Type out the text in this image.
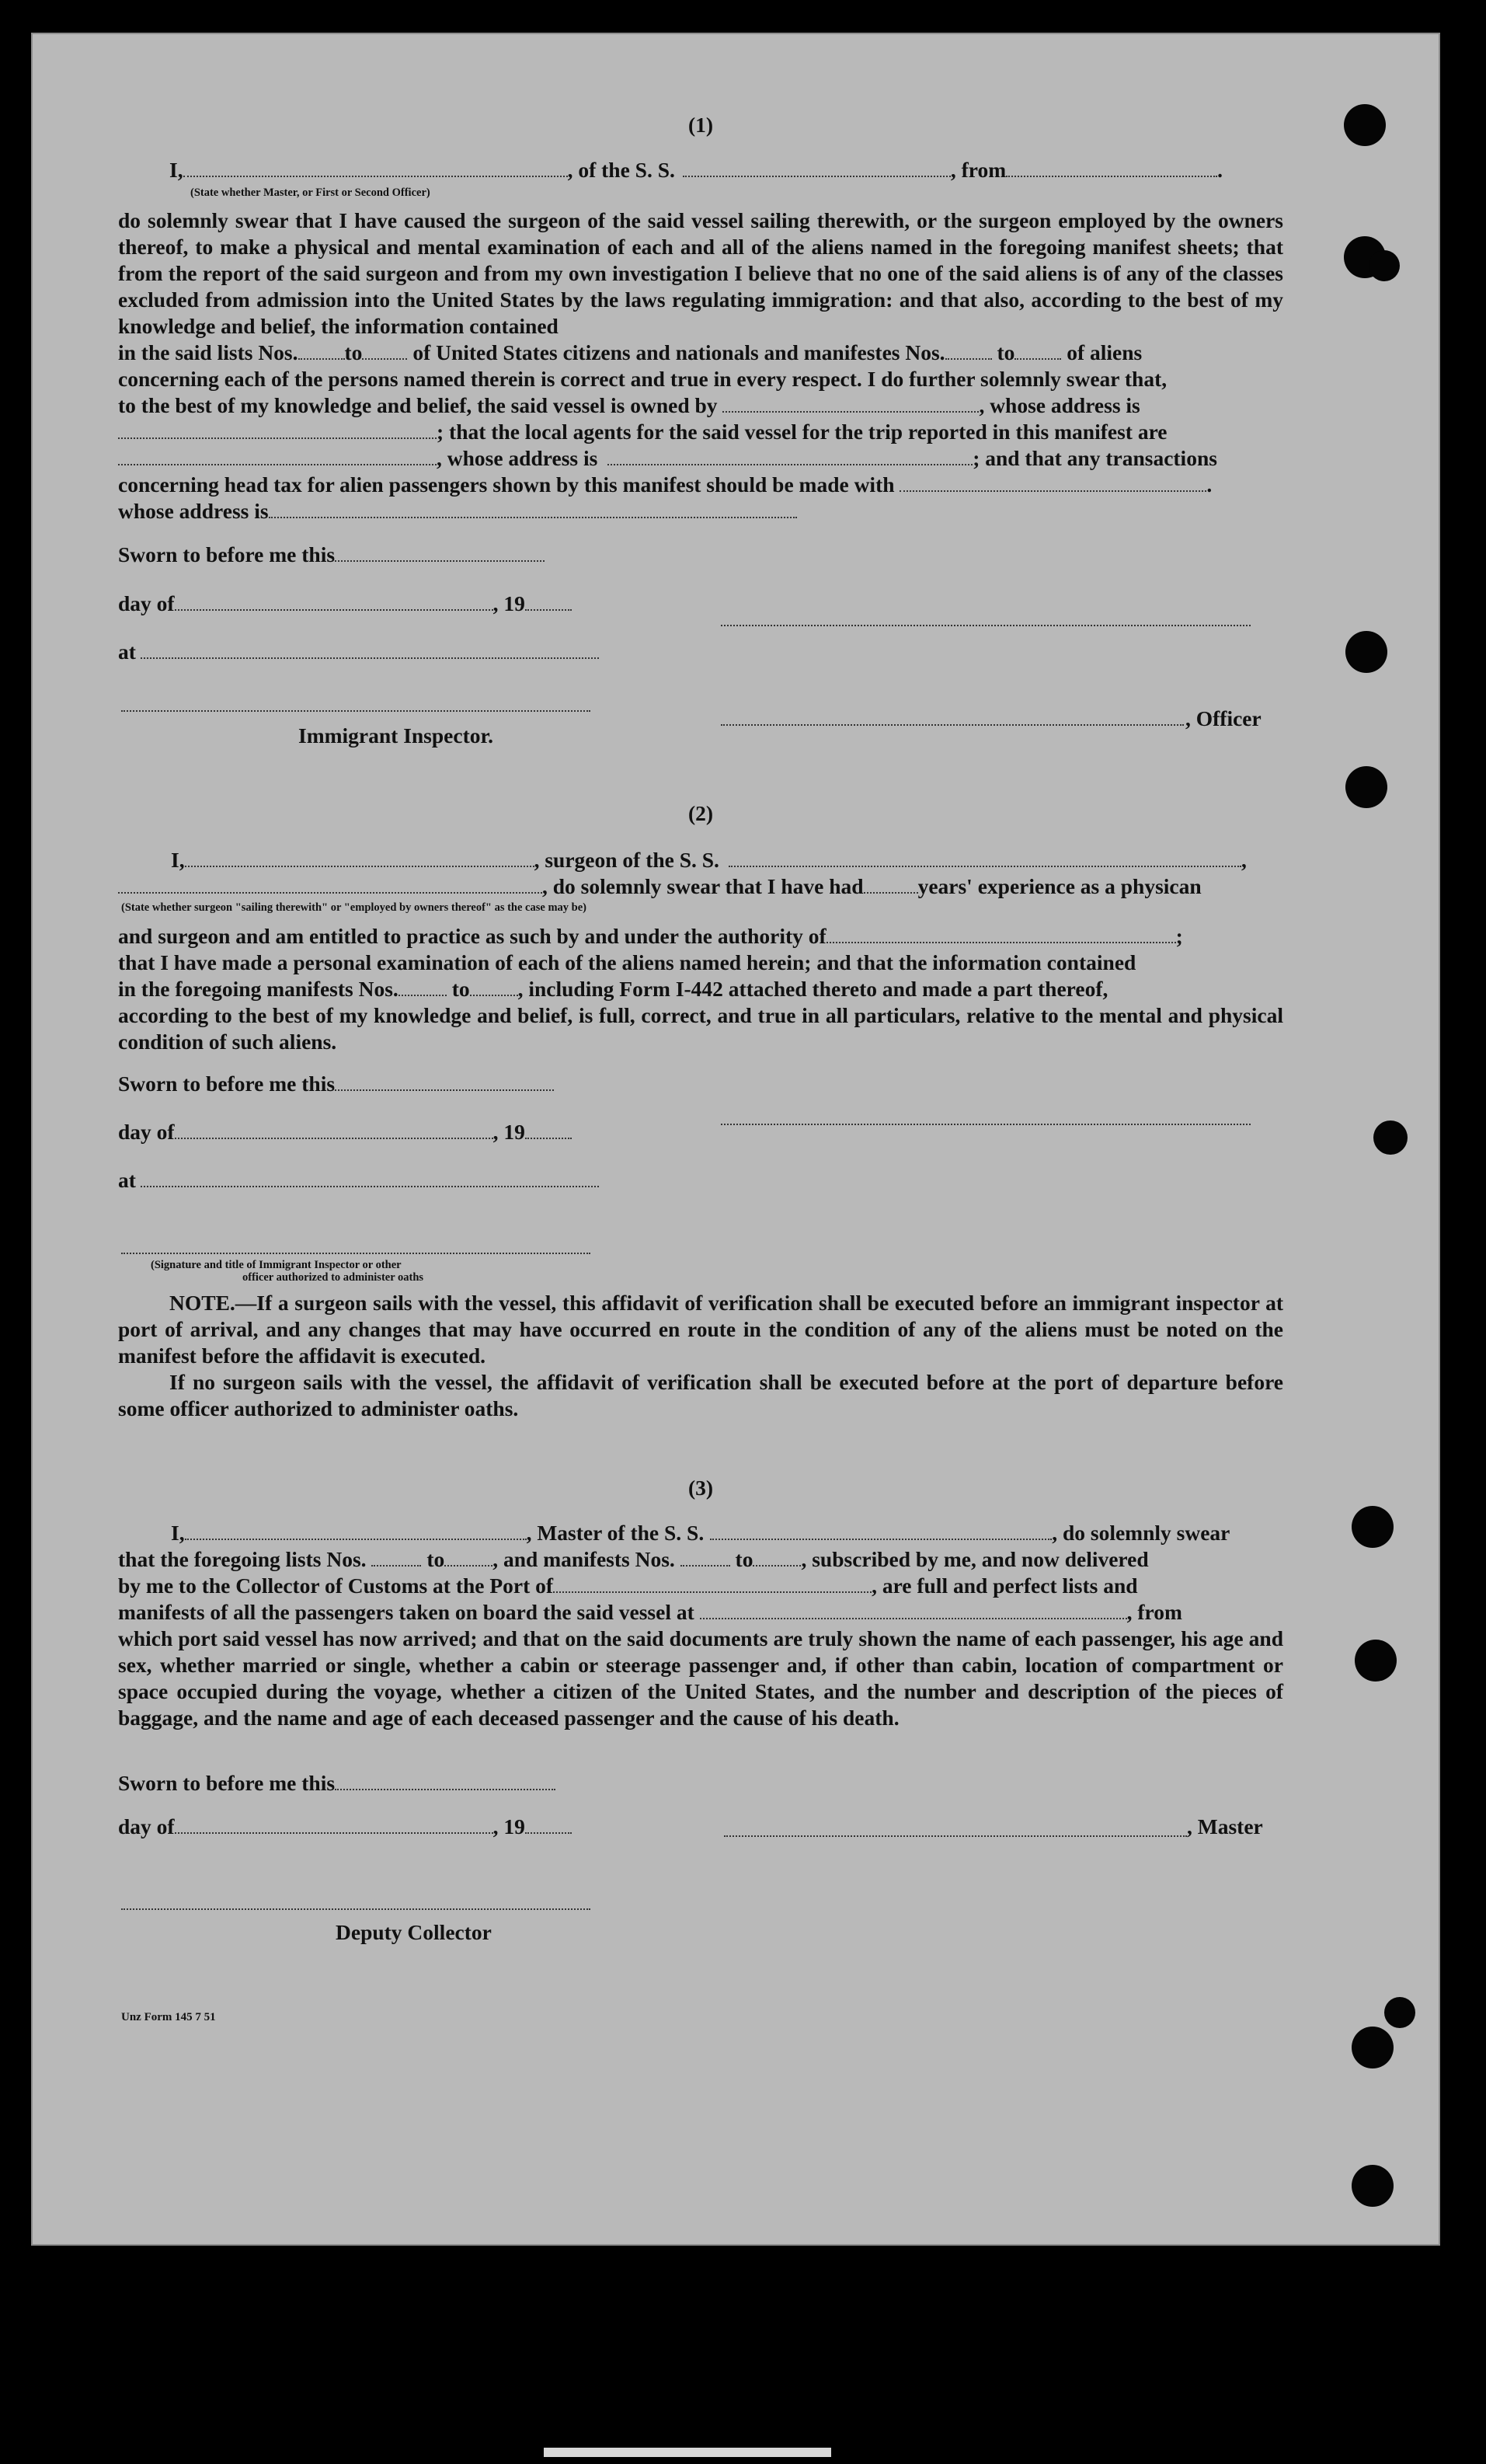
(1)
I,	, of the S. S.	, from	.
(State whether Master, or First or Second Officer)

do solemnly swear that I have caused the surgeon of the said vessel sailing therewith, or the surgeon employed by the owners thereof, to make a physical and mental examination of each and all of the aliens named in the foregoing manifest sheets; that from the report of the said surgeon and from my own investigation I believe that no one of the said aliens is of any of the classes excluded from admission into the United States by the laws regulating immigration: and that also, according to the best of my knowledge and belief, the information contained

in the said lists Nos. to of United States citizens and nationals and manifestes Nos. to of aliens

concerning each of the persons named therein is correct and true in every respect. I do further solemnly swear that,

to the best of my knowledge and belief, the said vessel is owned by	, whose address is

; that the local agents for the said vessel for the trip reported in this manifest are

, whose address is	; and that any transactions

concerning head tax for alien passengers shown by this manifest should be made with	.

whose address is

Sworn to before me this
day of	, 19
at
Immigrant Inspector.
, Officer
(2)
I,	, surgeon of the S. S.	,
, do solemnly swear that I have had	years' experience as a physican
(State whether surgeon "sailing therewith" or "employed by owners thereof" as the case may be)

and surgeon and am entitled to practice as such by and under the authority of	;

that I have made a personal examination of each of the aliens named herein; and that the information contained

in the foregoing manifests Nos.	to , including Form I-442 attached thereto and made a part thereof,

according to the best of my knowledge and belief, is full, correct, and true in all particulars, relative to the mental and physical condition of such aliens.

Sworn to before me this
day of	, 19
at
(Signature and title of Immigrant Inspector or other
officer authorized to administer oaths

NOTE.—If a surgeon sails with the vessel, this affidavit of verification shall be executed before an immigrant inspector at port of arrival, and any changes that may have occurred en route in the condition of any of the aliens must be noted on the manifest before the affidavit is executed.

If no surgeon sails with the vessel, the affidavit of verification shall be executed before at the port of departure before some officer authorized to administer oaths.

(3)
I,	, Master of the S. S.	, do solemnly swear
that the foregoing lists Nos.	to , and manifests Nos.	to , subscribed by me, and now delivered
by me to the Collector of Customs at the Port of	, are full and perfect lists and
manifests of all the passengers taken on board the said vessel at	, from

which port said vessel has now arrived; and that on the said documents are truly shown the name of each passenger, his age and sex, whether married or single, whether a cabin or steerage passenger and, if other than cabin, location of compartment or space occupied during the voyage, whether a citizen of the United States, and the number and description of the pieces of baggage, and the name and age of each deceased passenger and the cause of his death.

Sworn to before me this
day of	, 19	, Master
Deputy Collector
Unz Form 145 7 51
